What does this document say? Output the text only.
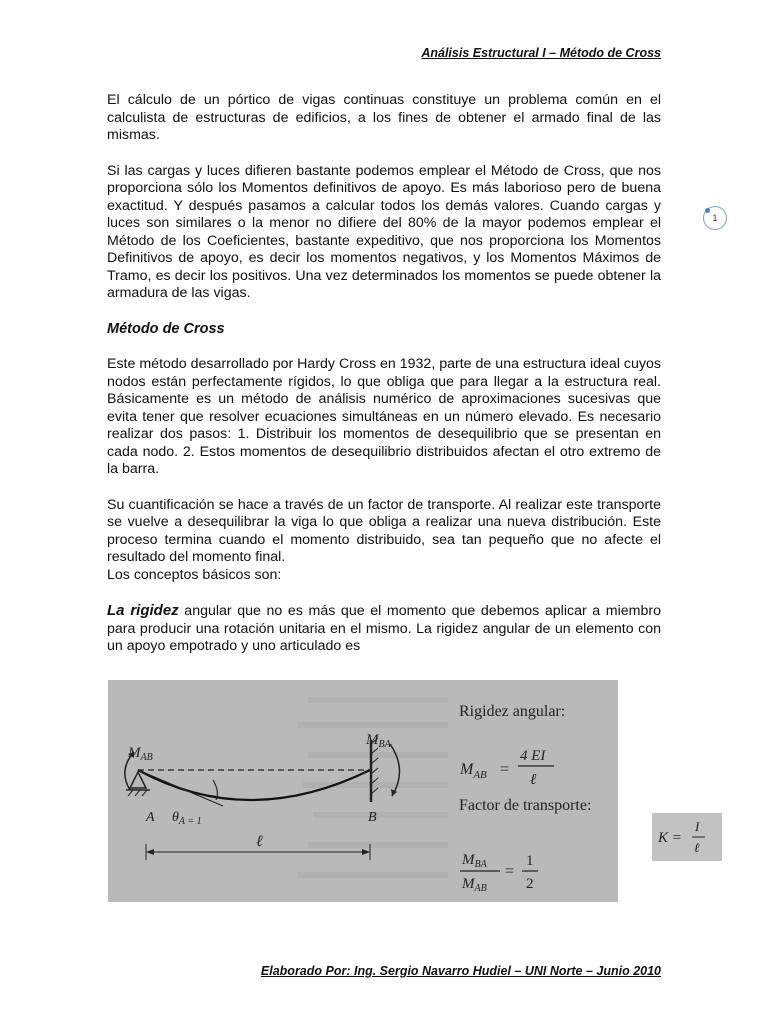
Análisis Estructural I – Método de Cross
1

El cálculo de un pórtico de vigas continuas constituye un problema común en el calculista de estructuras de edificios, a los fines de obtener el armado final de las mismas.

Si las cargas y luces difieren bastante podemos emplear el Método de Cross, que nos proporciona sólo los Momentos definitivos de apoyo. Es más laborioso pero de buena exactitud. Y después pasamos a calcular todos los demás valores. Cuando cargas y luces son similares o la menor no difiere del 80% de la mayor podemos emplear el Método de los Coeficientes, bastante expeditivo, que nos proporciona los Momentos Definitivos de apoyo, es decir los momentos negativos, y los Momentos Máximos de Tramo, es decir los positivos. Una vez determinados los momentos se puede obtener la armadura de las vigas.

Método de Cross

Este método desarrollado por Hardy Cross en 1932, parte de una estructura ideal cuyos nodos están perfectamente rígidos, lo que obliga que para llegar a la estructura real. Básicamente es un método de análisis numérico de aproximaciones sucesivas que evita tener que resolver ecuaciones simultáneas en un número elevado. Es necesario realizar dos pasos: 1. Distribuir los momentos de desequilibrio que se presentan en cada nodo. 2. Estos momentos de desequilibrio distribuidos afectan el otro extremo de la barra.

Su cuantificación se hace a través de un factor de transporte. Al realizar este transporte se vuelve a desequilibrar la viga lo que obliga a realizar una nueva distribución. Este proceso termina cuando el momento distribuido, sea tan pequeño que no afecte el resultado del momento final.

Los conceptos básicos son:

La rigidez angular que no es más que el momento que debemos aplicar a miembro para producir una rotación unitaria en el mismo. La rigidez angular de un elemento con un apoyo empotrado y uno articulado es

$M_{AB}$
$M_{BA}$
A $\theta_{A = 1}$	B
ℓ
Rigidez angular:
$M_{AB}$ =
4 EI
ℓ
Factor de transporte:
$M_{BA}$
$M_{AB}$
=
1
2
K =
I
ℓ
Elaborado Por: Ing. Sergio Navarro Hudiel – UNI Norte – Junio 2010
